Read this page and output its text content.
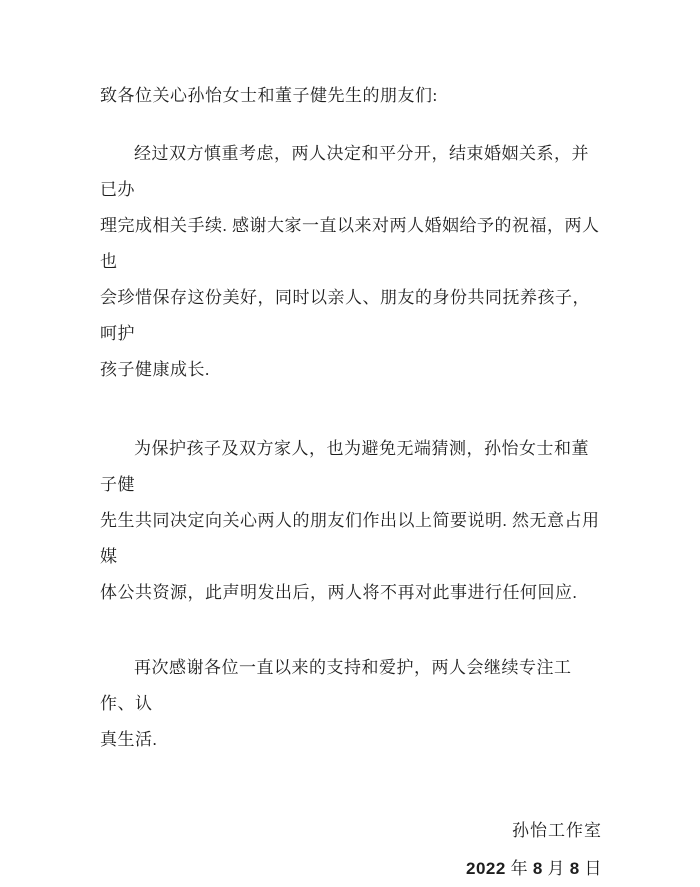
致各位关心孙怡女士和董子健先生的朋友们:
经过双方慎重考虑，两人决定和平分开，结束婚姻关系，并已办
理完成相关手续. 感谢大家一直以来对两人婚姻给予的祝福，两人也
会珍惜保存这份美好，同时以亲人、朋友的身份共同抚养孩子，呵护
孩子健康成长.
为保护孩子及双方家人，也为避免无端猜测，孙怡女士和董子健
先生共同决定向关心两人的朋友们作出以上简要说明. 然无意占用媒
体公共资源，此声明发出后，两人将不再对此事进行任何回应.
再次感谢各位一直以来的支持和爱护，两人会继续专注工作、认
真生活.
孙怡工作室
2022 年 8 月 8 日
